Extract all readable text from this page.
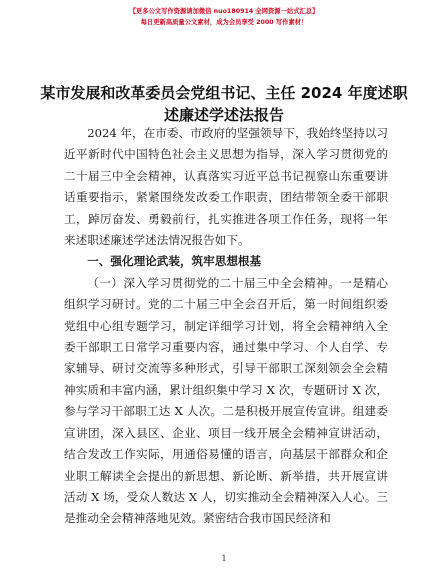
【更多公文写作资源请加微信 nuo180914 全网资源一站式汇总】
每日更新高质量公文素材，成为会员享受 2000 写作素材！
某市发展和改革委员会党组书记、主任 2024 年度述职述廉述学述法报告

2024 年，在市委、市政府的坚强领导下，我始终坚持以习近平新时代中国特色社会主义思想为指导，深入学习贯彻党的二十届三中全会精神，认真落实习近平总书记视察山东重要讲话重要指示，紧紧围绕发改委工作职责，团结带领全委干部职工，踔厉奋发、勇毅前行，扎实推进各项工作任务，现将一年来述职述廉述学述法情况报告如下。

一、强化理论武装，筑牢思想根基

（一）深入学习贯彻党的二十届三中全会精神。一是精心组织学习研讨。党的二十届三中全会召开后，第一时间组织委党组中心组专题学习，制定详细学习计划，将全会精神纳入全委干部职工日常学习重要内容，通过集中学习、个人自学、专家辅导、研讨交流等多种形式，引导干部职工深刻领会全会精神实质和丰富内涵，累计组织集中学习 X 次，专题研讨 X 次，参与学习干部职工达 X 人次。二是积极开展宣传宣讲。组建委宣讲团，深入县区、企业、项目一线开展全会精神宣讲活动，结合发改工作实际，用通俗易懂的语言，向基层干部群众和企业职工解读全会提出的新思想、新论断、新举措，共开展宣讲活动 X 场，受众人数达 X 人，切实推动全会精神深入人心。三是推动全会精神落地见效。紧密结合我市国民经济和

1
